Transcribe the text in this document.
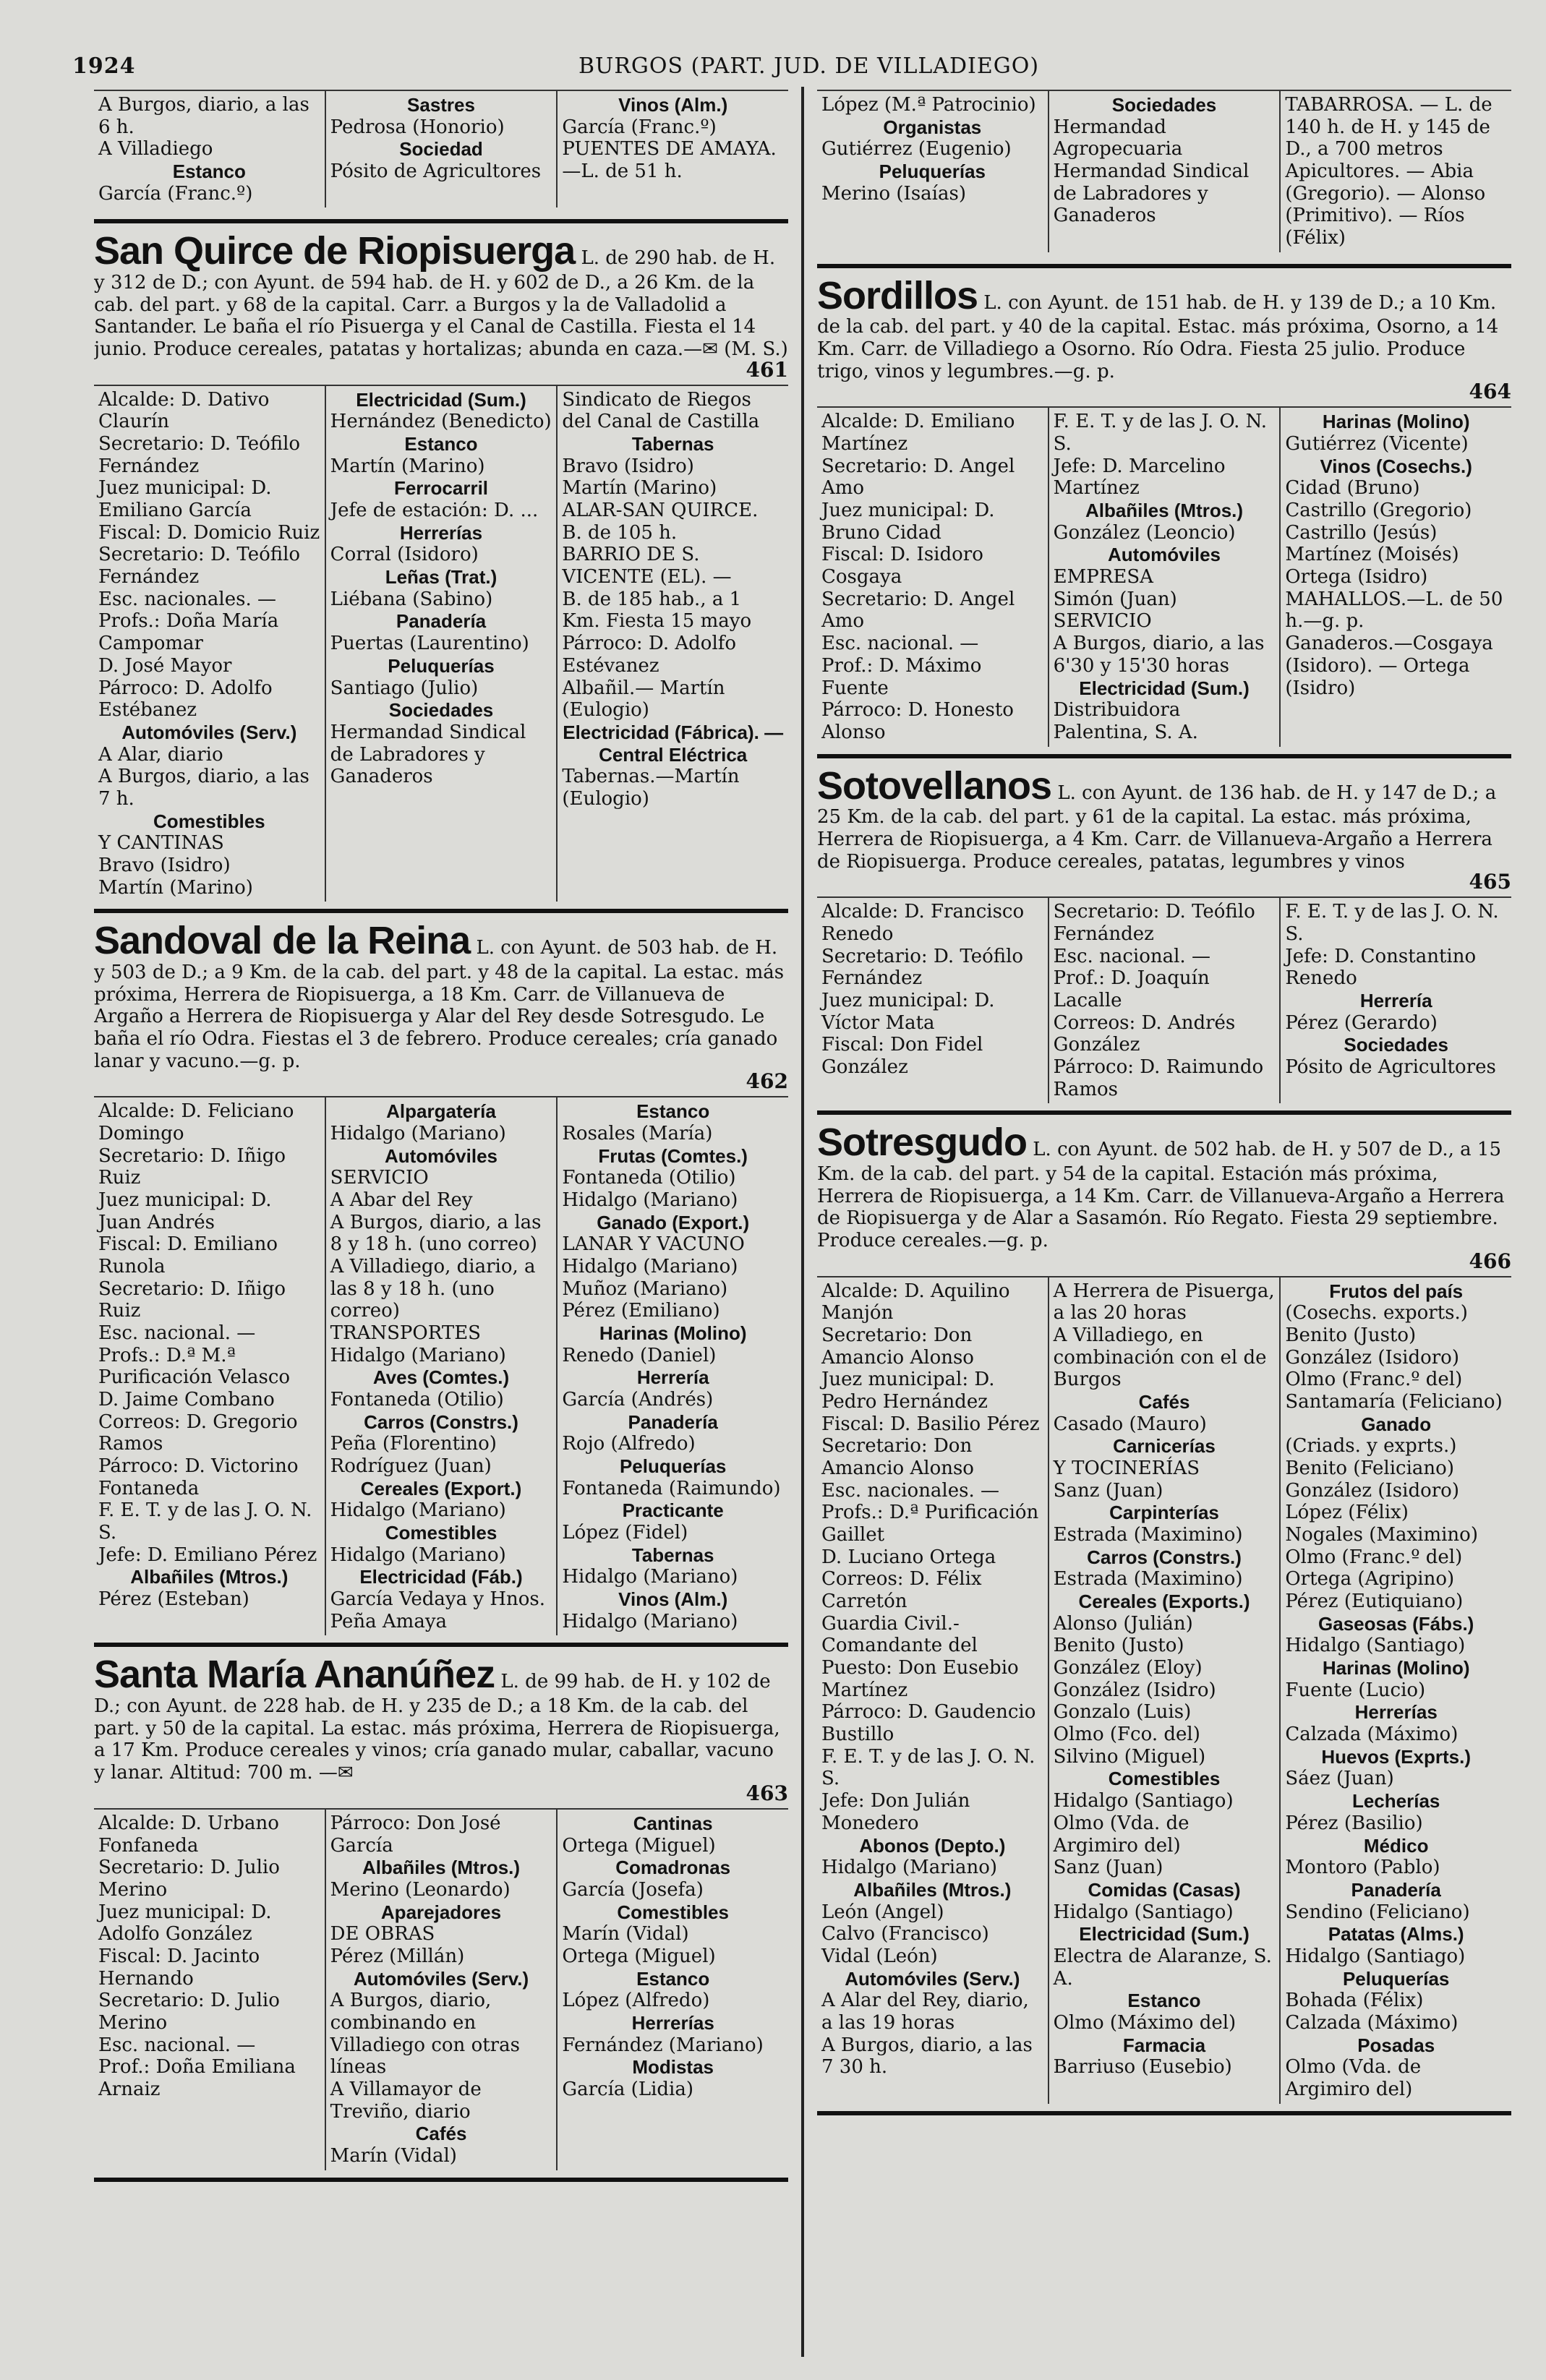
1924	BURGOS (PART. JUD. DE VILLADIEGO)
A Burgos, diario, a las 6 h.
A Villadiego
Estanco
García (Franc.º)
Sastres
Pedrosa (Honorio)
Sociedad
Pósito de Agricultores
Vinos (Alm.)
García (Franc.º)
PUENTES DE AMAYA.
—L. de 51 h.
San Quirce de Riopisuerga L. de 290 hab. de H. y 312 de D.; con Ayunt. de 594 hab. de H. y 602 de D., a 26 Km. de la cab. del part. y 68 de la capital. Carr. a Burgos y la de Valladolid a Santander. Le baña el río Pisuerga y el Canal de Castilla. Fiesta el 14 junio. Produce cereales, patatas y hortalizas; abunda en caza.—✉ (M. S.)
461
Alcalde: D. Dativo Claurín
Secretario: D. Teófilo Fernández
Juez municipal: D. Emiliano García
Fiscal: D. Domicio Ruiz
Secretario: D. Teófilo Fernández
Esc. nacionales. —
Profs.: Doña María Campomar
D. José Mayor
Párroco: D. Adolfo Estébanez
Automóviles (Serv.)
A Alar, diario
A Burgos, diario, a las 7 h.
Comestibles
Y CANTINAS
Bravo (Isidro)
Martín (Marino)
Electricidad (Sum.)
Hernández (Benedicto)
Estanco
Martín (Marino)
Ferrocarril
Jefe de estación: D. ...
Herrerías
Corral (Isidoro)
Leñas (Trat.)
Liébana (Sabino)
Panadería
Puertas (Laurentino)
Peluquerías
Santiago (Julio)
Sociedades
Hermandad Sindical de Labradores y Ganaderos
Sindicato de Riegos del Canal de Castilla
Tabernas
Bravo (Isidro)
Martín (Marino)
ALAR-SAN QUIRCE.
B. de 105 h.
BARRIO DE S. VICENTE (EL). —
B. de 185 hab., a 1 Km. Fiesta 15 mayo
Párroco: D. Adolfo Estévanez
Albañil.— Martín (Eulogio)
Electricidad (Fábrica). — Central Eléctrica
Tabernas.—Martín (Eulogio)
Sandoval de la Reina L. con Ayunt. de 503 hab. de H. y 503 de D.; a 9 Km. de la cab. del part. y 48 de la capital. La estac. más próxima, Herrera de Riopisuerga, a 18 Km. Carr. de Villanueva de Argaño a Herrera de Riopisuerga y Alar del Rey desde Sotresgudo. Le baña el río Odra. Fiestas el 3 de febrero. Produce cereales; cría ganado lanar y vacuno.—g. p.
462
Alcalde: D. Feliciano Domingo
Secretario: D. Iñigo Ruiz
Juez municipal: D. Juan Andrés
Fiscal: D. Emiliano Runola
Secretario: D. Iñigo Ruiz
Esc. nacional. —
Profs.: D.ª M.ª Purificación Velasco
D. Jaime Combano
Correos: D. Gregorio Ramos
Párroco: D. Victorino Fontaneda
F. E. T. y de las J. O. N. S.
Jefe: D. Emiliano Pérez
Albañiles (Mtros.)
Pérez (Esteban)
Alpargatería
Hidalgo (Mariano)
Automóviles
SERVICIO
A Abar del Rey
A Burgos, diario, a las 8 y 18 h. (uno correo)
A Villadiego, diario, a las 8 y 18 h. (uno correo)
TRANSPORTES
Hidalgo (Mariano)
Aves (Comtes.)
Fontaneda (Otilio)
Carros (Constrs.)
Peña (Florentino)
Rodríguez (Juan)
Cereales (Export.)
Hidalgo (Mariano)
Comestibles
Hidalgo (Mariano)
Electricidad (Fáb.)
García Vedaya y Hnos.
Peña Amaya
Estanco
Rosales (María)
Frutas (Comtes.)
Fontaneda (Otilio)
Hidalgo (Mariano)
Ganado (Export.)
LANAR Y VACUNO
Hidalgo (Mariano)
Muñoz (Mariano)
Pérez (Emiliano)
Harinas (Molino)
Renedo (Daniel)
Herrería
García (Andrés)
Panadería
Rojo (Alfredo)
Peluquerías
Fontaneda (Raimundo)
Practicante
López (Fidel)
Tabernas
Hidalgo (Mariano)
Vinos (Alm.)
Hidalgo (Mariano)
Santa María Ananúñez L. de 99 hab. de H. y 102 de D.; con Ayunt. de 228 hab. de H. y 235 de D.; a 18 Km. de la cab. del part. y 50 de la capital. La estac. más próxima, Herrera de Riopisuerga, a 17 Km. Produce cereales y vinos; cría ganado mular, caballar, vacuno y lanar. Altitud: 700 m. —✉
463
Alcalde: D. Urbano Fonfaneda
Secretario: D. Julio Merino
Juez municipal: D. Adolfo González
Fiscal: D. Jacinto Hernando
Secretario: D. Julio Merino
Esc. nacional. —
Prof.: Doña Emiliana Arnaiz
Párroco: Don José García
Albañiles (Mtros.)
Merino (Leonardo)
Aparejadores
DE OBRAS
Pérez (Millán)
Automóviles (Serv.)
A Burgos, diario, combinando en Villadiego con otras líneas
A Villamayor de Treviño, diario
Cafés
Marín (Vidal)
Cantinas
Ortega (Miguel)
Comadronas
García (Josefa)
Comestibles
Marín (Vidal)
Ortega (Miguel)
Estanco
López (Alfredo)
Herrerías
Fernández (Mariano)
Modistas
García (Lidia)
López (M.ª Patrocinio)
Organistas
Gutiérrez (Eugenio)
Peluquerías
Merino (Isaías)
Sociedades
Hermandad Agropecuaria
Hermandad Sindical de Labradores y Ganaderos
TABARROSA. — L. de 140 h. de H. y 145 de D., a 700 metros
Apicultores. — Abia (Gregorio). — Alonso (Primitivo). — Ríos (Félix)
Sordillos L. con Ayunt. de 151 hab. de H. y 139 de D.; a 10 Km. de la cab. del part. y 40 de la capital. Estac. más próxima, Osorno, a 14 Km. Carr. de Villadiego a Osorno. Río Odra. Fiesta 25 julio. Produce trigo, vinos y legumbres.—g. p.
464
Alcalde: D. Emiliano Martínez
Secretario: D. Angel Amo
Juez municipal: D. Bruno Cidad
Fiscal: D. Isidoro Cosgaya
Secretario: D. Angel Amo
Esc. nacional. —
Prof.: D. Máximo Fuente
Párroco: D. Honesto Alonso
F. E. T. y de las J. O. N. S.
Jefe: D. Marcelino Martínez
Albañiles (Mtros.)
González (Leoncio)
Automóviles
EMPRESA
Simón (Juan)
SERVICIO
A Burgos, diario, a las 6'30 y 15'30 horas
Electricidad (Sum.)
Distribuidora Palentina, S. A.
Harinas (Molino)
Gutiérrez (Vicente)
Vinos (Cosechs.)
Cidad (Bruno)
Castrillo (Gregorio)
Castrillo (Jesús)
Martínez (Moisés)
Ortega (Isidro)
MAHALLOS.—L. de 50 h.—g. p.
Ganaderos.—Cosgaya (Isidoro). — Ortega (Isidro)
Sotovellanos L. con Ayunt. de 136 hab. de H. y 147 de D.; a 25 Km. de la cab. del part. y 61 de la capital. La estac. más próxima, Herrera de Riopisuerga, a 4 Km. Carr. de Villanueva-Argaño a Herrera de Riopisuerga. Produce cereales, patatas, legumbres y vinos
465
Alcalde: D. Francisco Renedo
Secretario: D. Teófilo Fernández
Juez municipal: D. Víctor Mata
Fiscal: Don Fidel González
Secretario: D. Teófilo Fernández
Esc. nacional. —
Prof.: D. Joaquín Lacalle
Correos: D. Andrés González
Párroco: D. Raimundo Ramos
F. E. T. y de las J. O. N. S.
Jefe: D. Constantino Renedo
Herrería
Pérez (Gerardo)
Sociedades
Pósito de Agricultores
Sotresgudo L. con Ayunt. de 502 hab. de H. y 507 de D., a 15 Km. de la cab. del part. y 54 de la capital. Estación más próxima, Herrera de Riopisuerga, a 14 Km. Carr. de Villanueva-Argaño a Herrera de Riopisuerga y de Alar a Sasamón. Río Regato. Fiesta 29 septiembre. Produce cereales.—g. p.
466
Alcalde: D. Aquilino Manjón
Secretario: Don Amancio Alonso
Juez municipal: D. Pedro Hernández
Fiscal: D. Basilio Pérez
Secretario: Don Amancio Alonso
Esc. nacionales. —
Profs.: D.ª Purificación Gaillet
D. Luciano Ortega
Correos: D. Félix Carretón
Guardia Civil.-Comandante del Puesto: Don Eusebio Martínez
Párroco: D. Gaudencio Bustillo
F. E. T. y de las J. O. N. S.
Jefe: Don Julián Monedero
Abonos (Depto.)
Hidalgo (Mariano)
Albañiles (Mtros.)
León (Angel)
Calvo (Francisco)
Vidal (León)
Automóviles (Serv.)
A Alar del Rey, diario, a las 19 horas
A Burgos, diario, a las 7 30 h.
A Herrera de Pisuerga, a las 20 horas
A Villadiego, en combinación con el de Burgos
Cafés
Casado (Mauro)
Carnicerías
Y TOCINERÍAS
Sanz (Juan)
Carpinterías
Estrada (Maximino)
Carros (Constrs.)
Estrada (Maximino)
Cereales (Exports.)
Alonso (Julián)
Benito (Justo)
González (Eloy)
González (Isidro)
Gonzalo (Luis)
Olmo (Fco. del)
Silvino (Miguel)
Comestibles
Hidalgo (Santiago)
Olmo (Vda. de Argimiro del)
Sanz (Juan)
Comidas (Casas)
Hidalgo (Santiago)
Electricidad (Sum.)
Electra de Alaranze, S. A.
Estanco
Olmo (Máximo del)
Farmacia
Barriuso (Eusebio)
Frutos del país
(Cosechs. exports.)
Benito (Justo)
González (Isidoro)
Olmo (Franc.º del)
Santamaría (Feliciano)
Ganado
(Criads. y exprts.)
Benito (Feliciano)
González (Isidoro)
López (Félix)
Nogales (Maximino)
Olmo (Franc.º del)
Ortega (Agripino)
Pérez (Eutiquiano)
Gaseosas (Fábs.)
Hidalgo (Santiago)
Harinas (Molino)
Fuente (Lucio)
Herrerías
Calzada (Máximo)
Huevos (Exprts.)
Sáez (Juan)
Lecherías
Pérez (Basilio)
Médico
Montoro (Pablo)
Panadería
Sendino (Feliciano)
Patatas (Alms.)
Hidalgo (Santiago)
Peluquerías
Bohada (Félix)
Calzada (Máximo)
Posadas
Olmo (Vda. de Argimiro del)
